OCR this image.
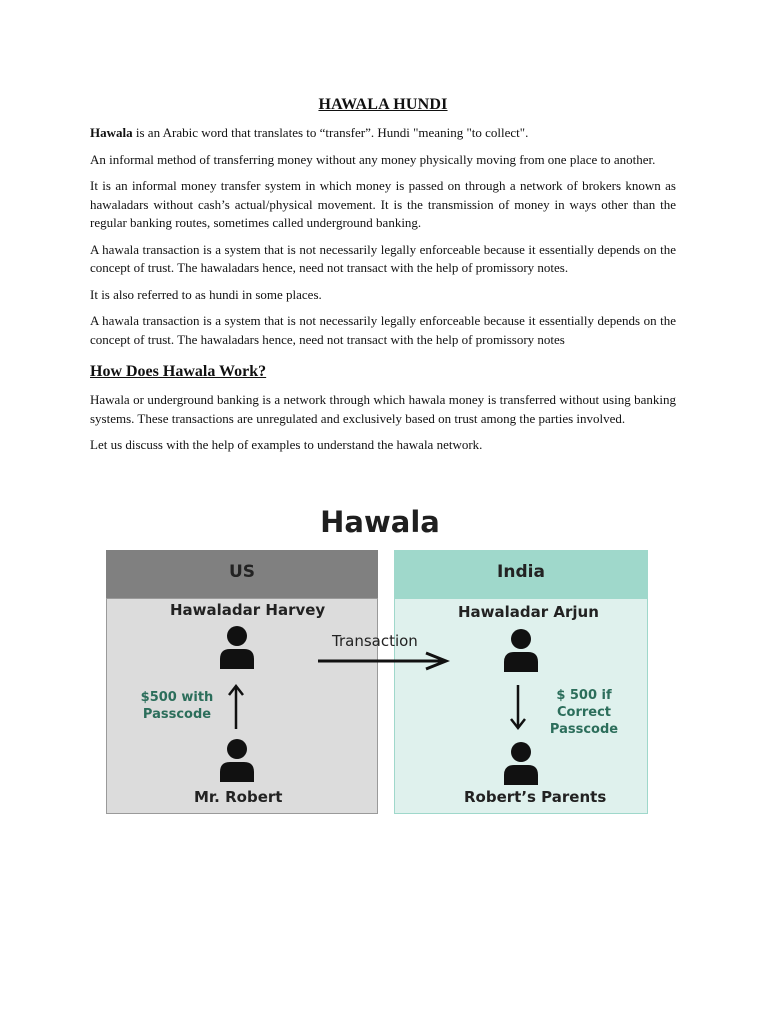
HAWALA HUNDI

Hawala is an Arabic word that translates to “transfer”. Hundi "meaning "to collect".

An informal method of transferring money without any money physically moving from one place to another.

It is an informal money transfer system in which money is passed on through a network of brokers known as hawaladars without cash’s actual/physical movement. It is the transmission of money in ways other than the regular banking routes, sometimes called underground banking.

A hawala transaction is a system that is not necessarily legally enforceable because it essentially depends on the concept of trust. The hawaladars hence, need not transact with the help of promissory notes.

It is also referred to as hundi in some places.

A hawala transaction is a system that is not necessarily legally enforceable because it essentially depends on the concept of trust. The hawaladars hence, need not transact with the help of promissory notes

How Does Hawala Work?

Hawala or underground banking is a network through which hawala money is transferred without using banking systems. These transactions are unregulated and exclusively based on trust among the parties involved.

Let us discuss with the help of examples to understand the hawala network.

Hawala
US	India
Hawaladar Harvey
$500 with Passcode
Mr. Robert
Transaction
Hawaladar Arjun
$ 500 if Correct Passcode
Robert’s Parents
